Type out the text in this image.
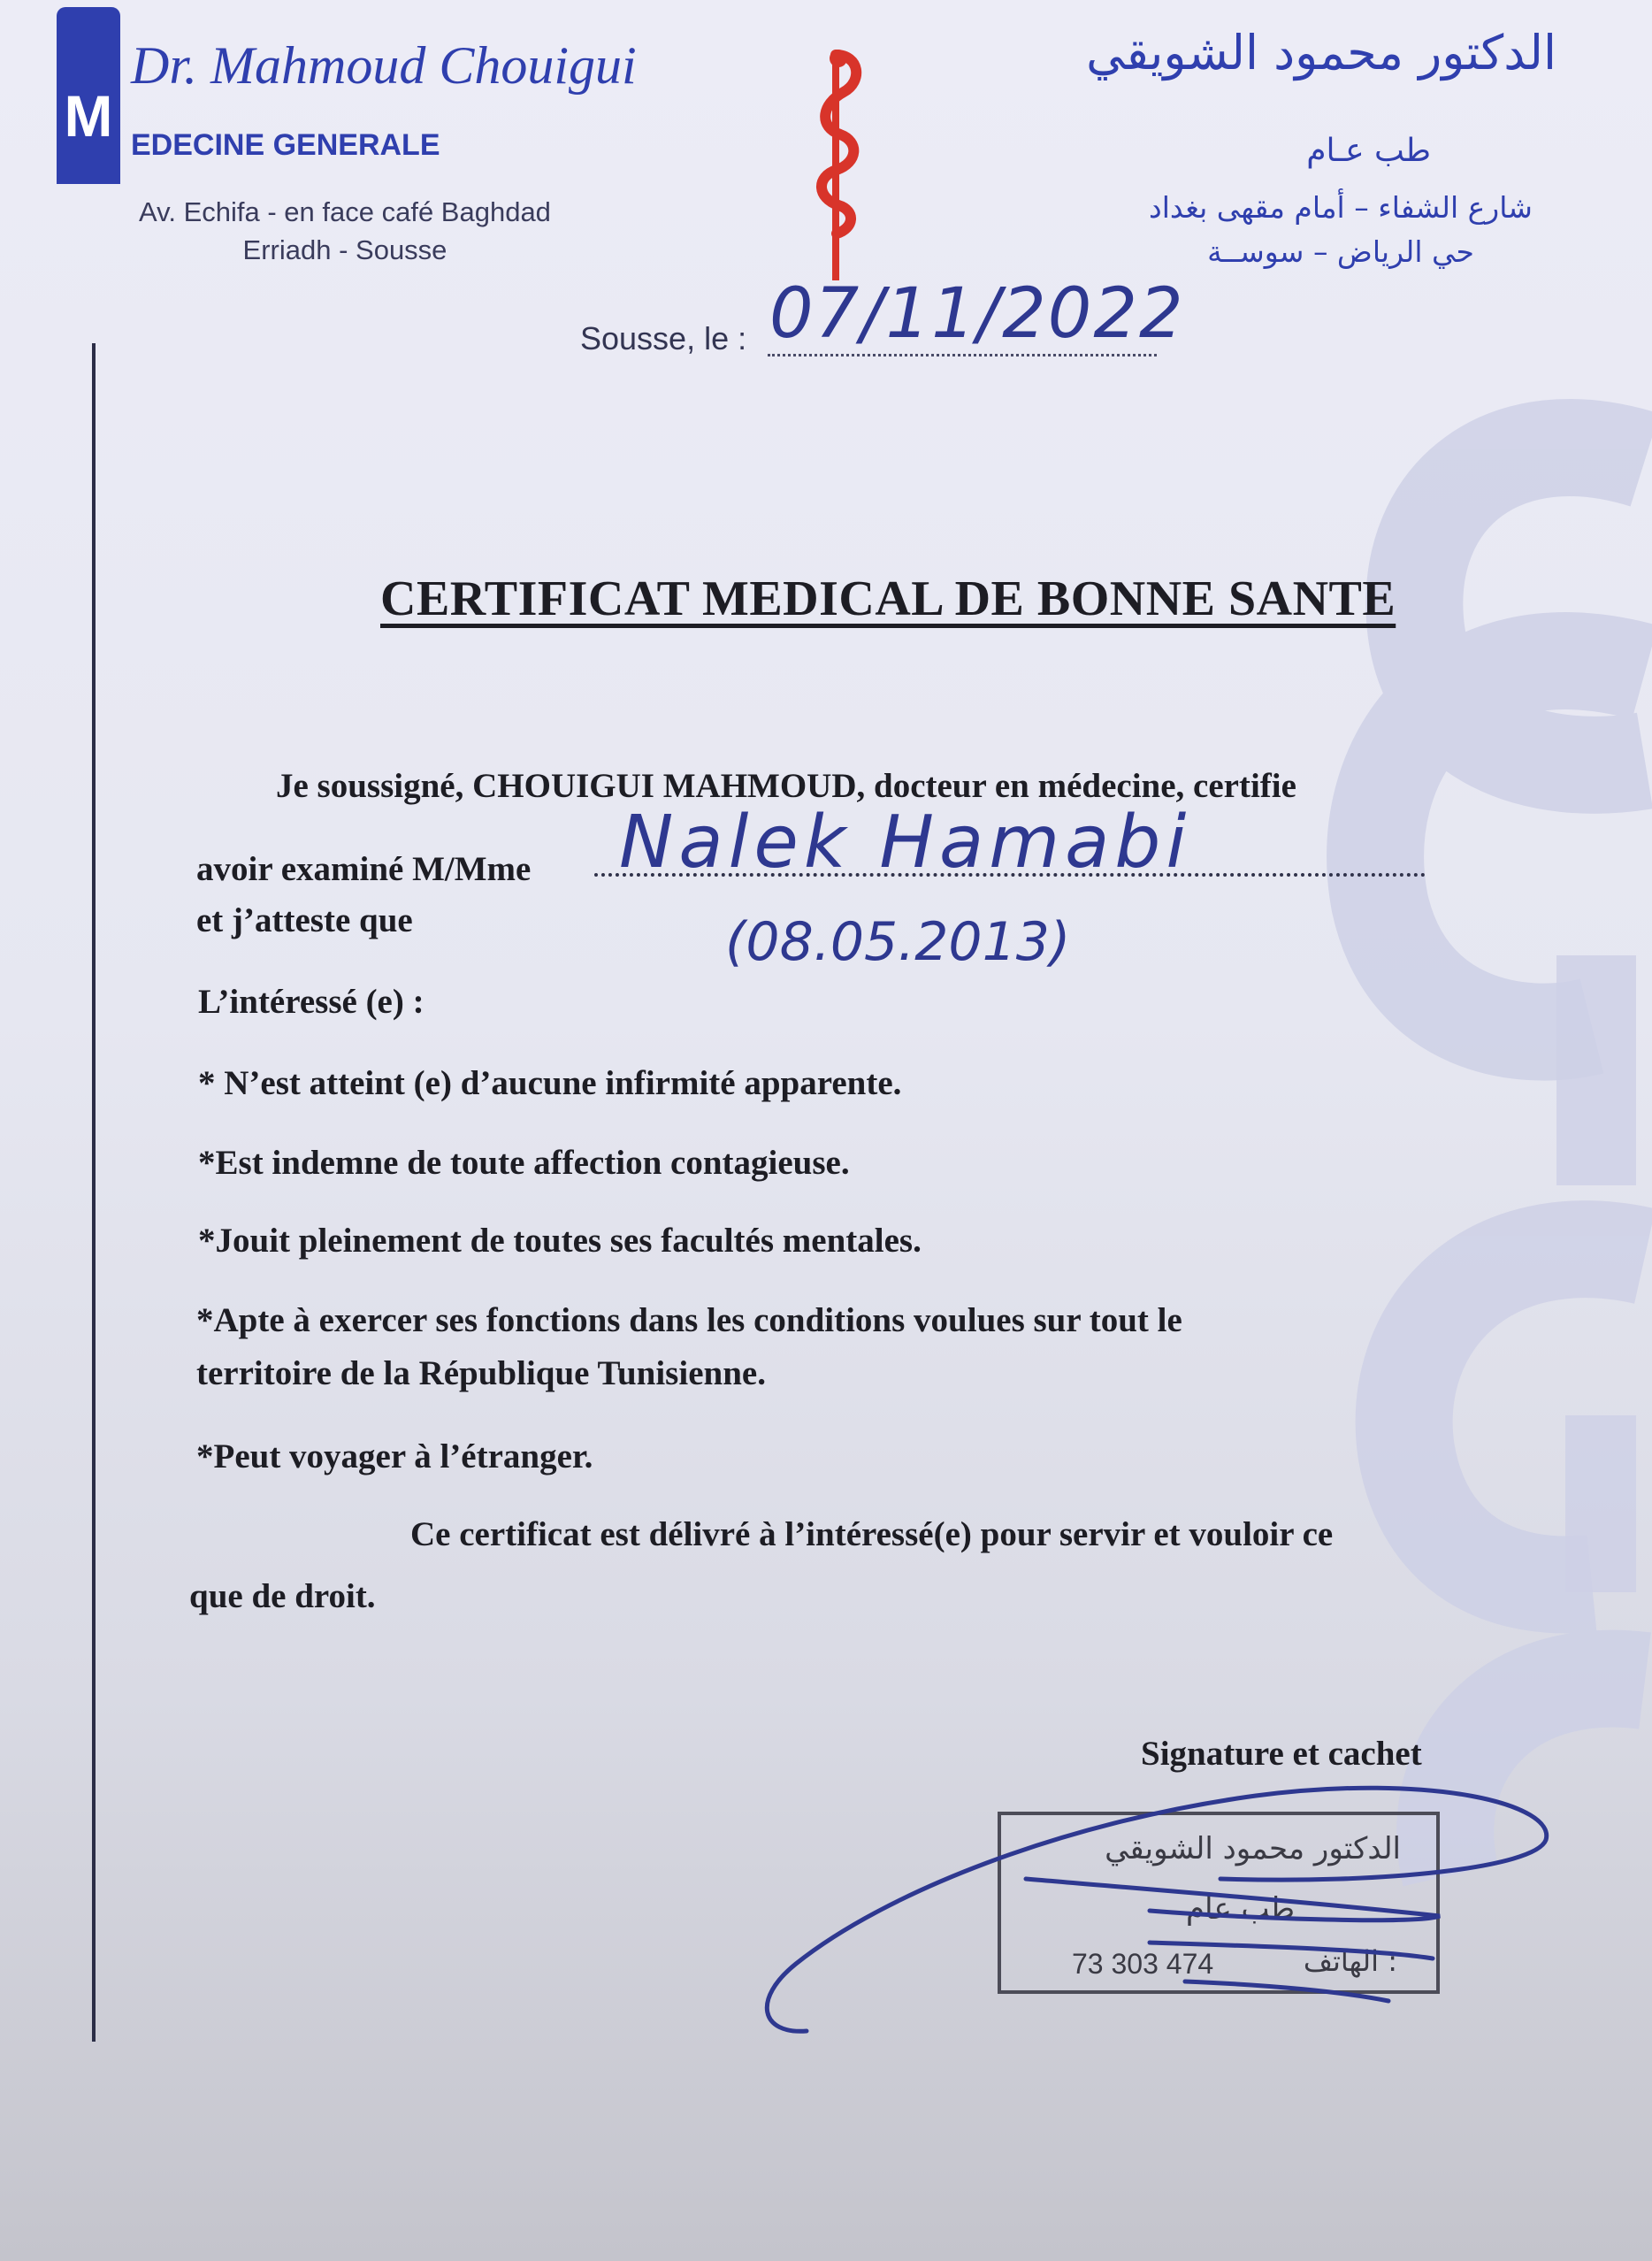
M
Dr. Mahmoud Chouigui
EDECINE GENERALE
Av. Echifa - en face café Baghdad
Erriadh - Sousse
الدكتور محمود الشويقي
طب عـام
شارع الشفاء – أمام مقهى بغداد
حي الرياض – سوســة
Sousse, le : 07/11/2022
CERTIFICAT MEDICAL DE BONNE SANTE
Je soussigné, CHOUIGUI MAHMOUD, docteur en médecine, certifie
avoir examiné M/Mme Nalek Hamabi
et j’atteste que	(08.05.2013)
L’intéressé (e) :
* N’est atteint (e) d’aucune infirmité apparente.
*Est indemne de toute affection contagieuse.
*Jouit pleinement de toutes ses facultés mentales.
*Apte à exercer ses fonctions dans les conditions voulues sur tout le
territoire de la République Tunisienne.
*Peut voyager à l’étranger.
Ce certificat est délivré à l’intéressé(e) pour servir et vouloir ce
que de droit.
Signature et cachet
الدكتور محمود الشويقي
طب عام
73 303 474	: الهاتف
